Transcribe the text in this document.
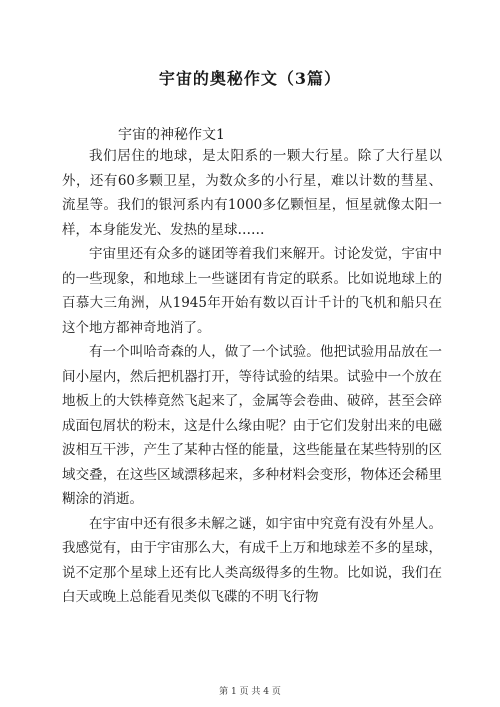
宇宙的奥秘作文（3篇）
宇宙的神秘作文1

我们居住的地球，是太阳系的一颗大行星。除了大行星以外，还有60多颗卫星，为数众多的小行星，难以计数的彗星、流星等。我们的银河系内有1000多亿颗恒星，恒星就像太阳一样，本身能发光、发热的星球……

宇宙里还有众多的谜团等着我们来解开。讨论发觉，宇宙中的一些现象，和地球上一些谜团有肯定的联系。比如说地球上的百慕大三角洲，从1945年开始有数以百计千计的飞机和船只在这个地方都神奇地消了。

有一个叫哈奇森的人，做了一个试验。他把试验用品放在一间小屋内，然后把机器打开，等待试验的结果。试验中一个放在地板上的大铁棒竟然飞起来了，金属等会卷曲、破碎，甚至会碎成面包屑状的粉末，这是什么缘由呢？由于它们发射出来的电磁波相互干涉，产生了某种古怪的能量，这些能量在某些特别的区域交叠，在这些区域漂移起来，多种材料会变形，物体还会稀里糊涂的消逝。

在宇宙中还有很多未解之谜，如宇宙中究竟有没有外星人。我感觉有，由于宇宙那么大，有成千上万和地球差不多的星球，说不定那个星球上还有比人类高级得多的生物。比如说，我们在白天或晚上总能看见类似飞碟的不明飞行物

第 1 页 共 4 页
